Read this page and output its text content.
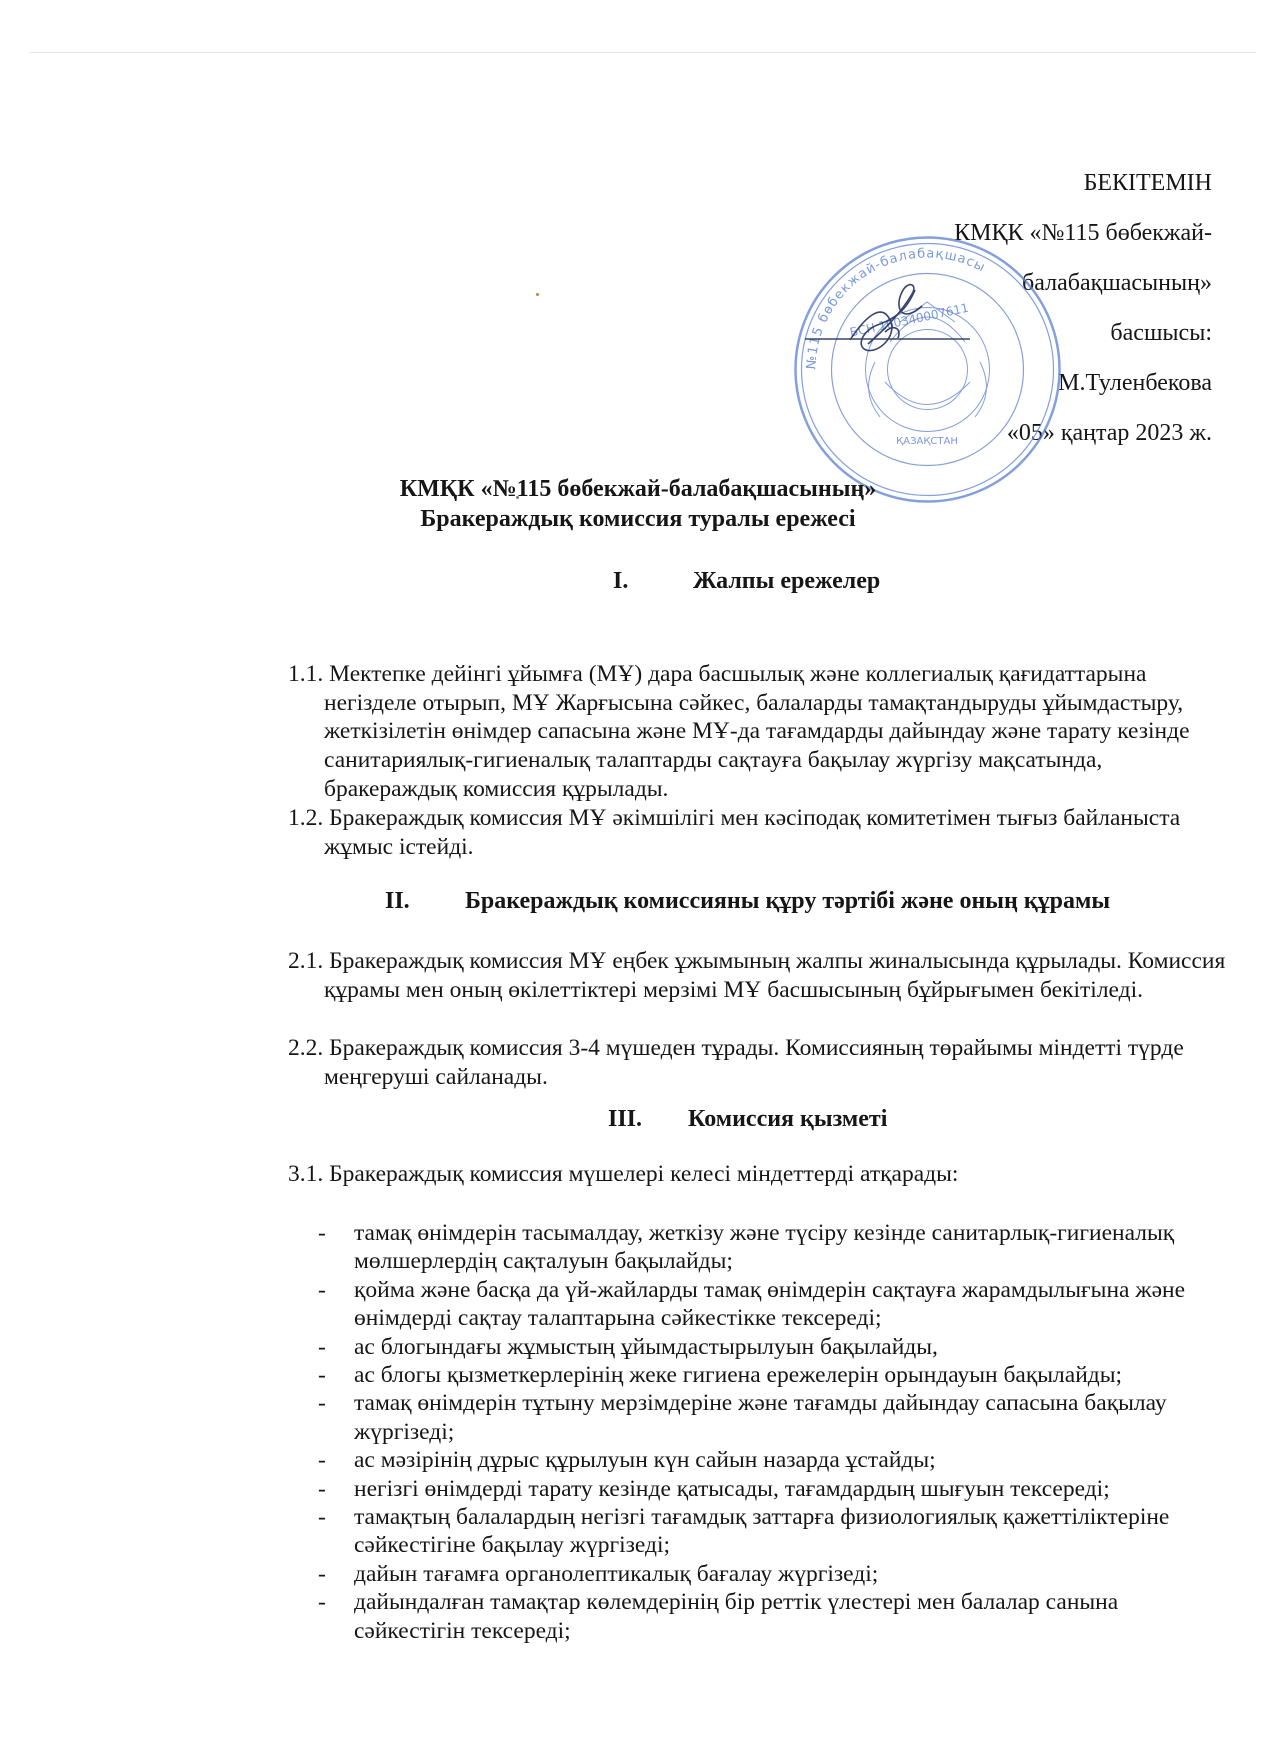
БЕКІТЕМІН
КМҚК «№115 бөбекжай-
балабақшасының»
басшысы:
М.Туленбекова
«05» қаңтар 2023 ж.
№115 бөбекжай-балабақшасы
БСН 160340007611
ҚАЗАҚСТАН
КМҚК «№115 бөбекжай-балабақшасының»
Бракераждық комиссия туралы ережесі
I.	Жалпы ережелер
1.1. Мектепке дейінгі ұйымға (МҰ) дара басшылық және коллегиалық қағидаттарына негізделе отырып, МҰ Жарғысына сәйкес, балаларды тамақтандыруды ұйымдастыру, жеткізілетін өнімдер сапасына және МҰ-да тағамдарды дайындау және тарату кезінде санитариялық-гигиеналық талаптарды сақтауға бақылау жүргізу мақсатында, бракераждық комиссия құрылады.
1.2. Бракераждық комиссия МҰ әкімшілігі мен кәсіподақ комитетімен тығыз байланыста жұмыс істейді.
II. Бракераждық комиссияны құру тәртібі және оның құрамы
2.1. Бракераждық комиссия МҰ еңбек ұжымының жалпы жиналысында құрылады. Комиссия құрамы мен оның өкілеттіктері мерзімі МҰ басшысының бұйрығымен бекітіледі.
2.2. Бракераждық комиссия 3-4 мүшеден тұрады. Комиссияның төрайымы міндетті түрде меңгеруші сайланады.
III. Комиссия қызметі
3.1. Бракераждық комиссия мүшелері келесі міндеттерді атқарады:
- тамақ өнімдерін тасымалдау, жеткізу және түсіру кезінде санитарлық-гигиеналық мөлшерлердің сақталуын бақылайды;
- қойма және басқа да үй-жайларды тамақ өнімдерін сақтауға жарамдылығына және өнімдерді сақтау талаптарына сәйкестікке тексереді;
- ас блогындағы жұмыстың ұйымдастырылуын бақылайды,
- ас блогы қызметкерлерінің жеке гигиена ережелерін орындауын бақылайды;
- тамақ өнімдерін тұтыну мерзімдеріне және тағамды дайындау сапасына бақылау жүргізеді;
- ас мәзірінің дұрыс құрылуын күн сайын назарда ұстайды;
- негізгі өнімдерді тарату кезінде қатысады, тағамдардың шығуын тексереді;
- тамақтың балалардың негізгі тағамдық заттарға физиологиялық қажеттіліктеріне сәйкестігіне бақылау жүргізеді;
- дайын тағамға органолептикалық бағалау жүргізеді;
- дайындалған тамақтар көлемдерінің бір реттік үлестері мен балалар санына сәйкестігін тексереді;
